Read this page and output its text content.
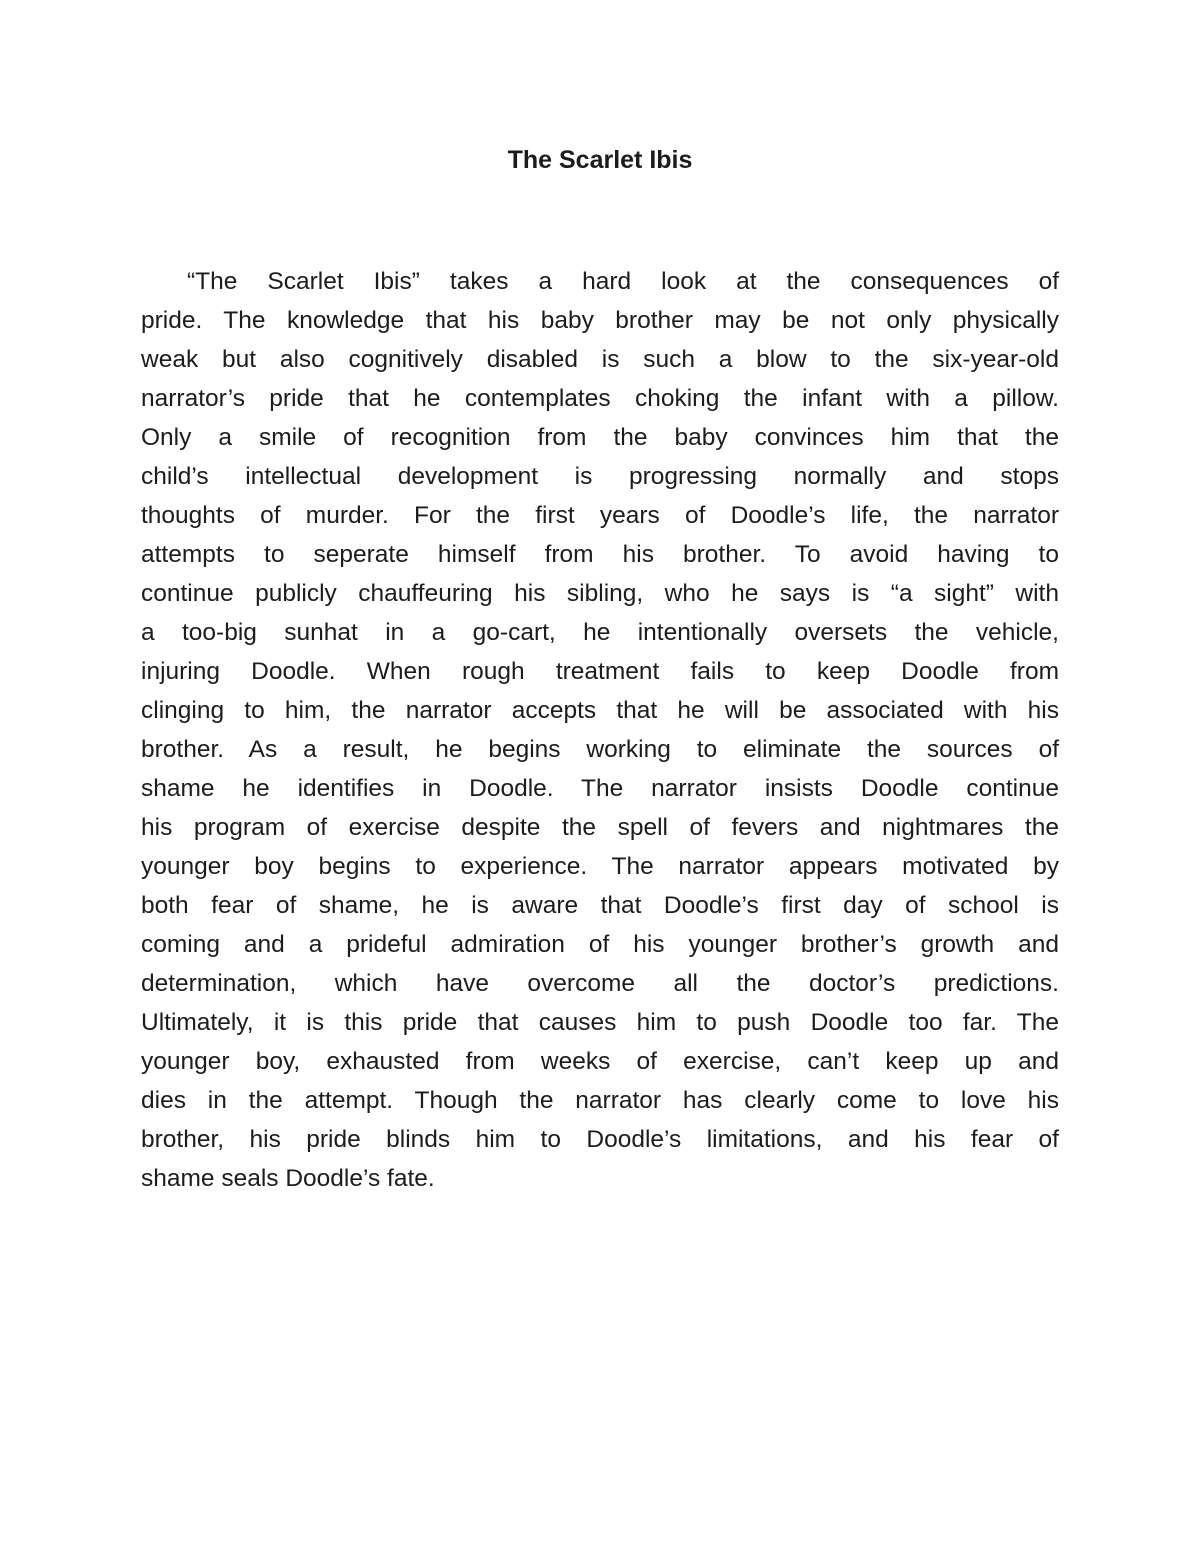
The Scarlet Ibis
“The Scarlet Ibis” takes a hard look at the consequences of
pride. The knowledge that his baby brother may be not only physically
weak but also cognitively disabled is such a blow to the six-year-old
narrator’s pride that he contemplates choking the infant with a pillow.
Only a smile of recognition from the baby convinces him that the
child’s intellectual development is progressing normally and stops
thoughts of murder. For the first years of Doodle’s life, the narrator
attempts to seperate himself from his brother. To avoid having to
continue publicly chauffeuring his sibling, who he says is “a sight” with
a too-big sunhat in a go-cart, he intentionally oversets the vehicle,
injuring Doodle. When rough treatment fails to keep Doodle from
clinging to him, the narrator accepts that he will be associated with his
brother. As a result, he begins working to eliminate the sources of
shame he identifies in Doodle. The narrator insists Doodle continue
his program of exercise despite the spell of fevers and nightmares the
younger boy begins to experience. The narrator appears motivated by
both fear of shame, he is aware that Doodle’s first day of school is
coming and a prideful admiration of his younger brother’s growth and
determination, which have overcome all the doctor’s predictions.
Ultimately, it is this pride that causes him to push Doodle too far. The
younger boy, exhausted from weeks of exercise, can’t keep up and
dies in the attempt. Though the narrator has clearly come to love his
brother, his pride blinds him to Doodle’s limitations, and his fear of
shame seals Doodle’s fate.
